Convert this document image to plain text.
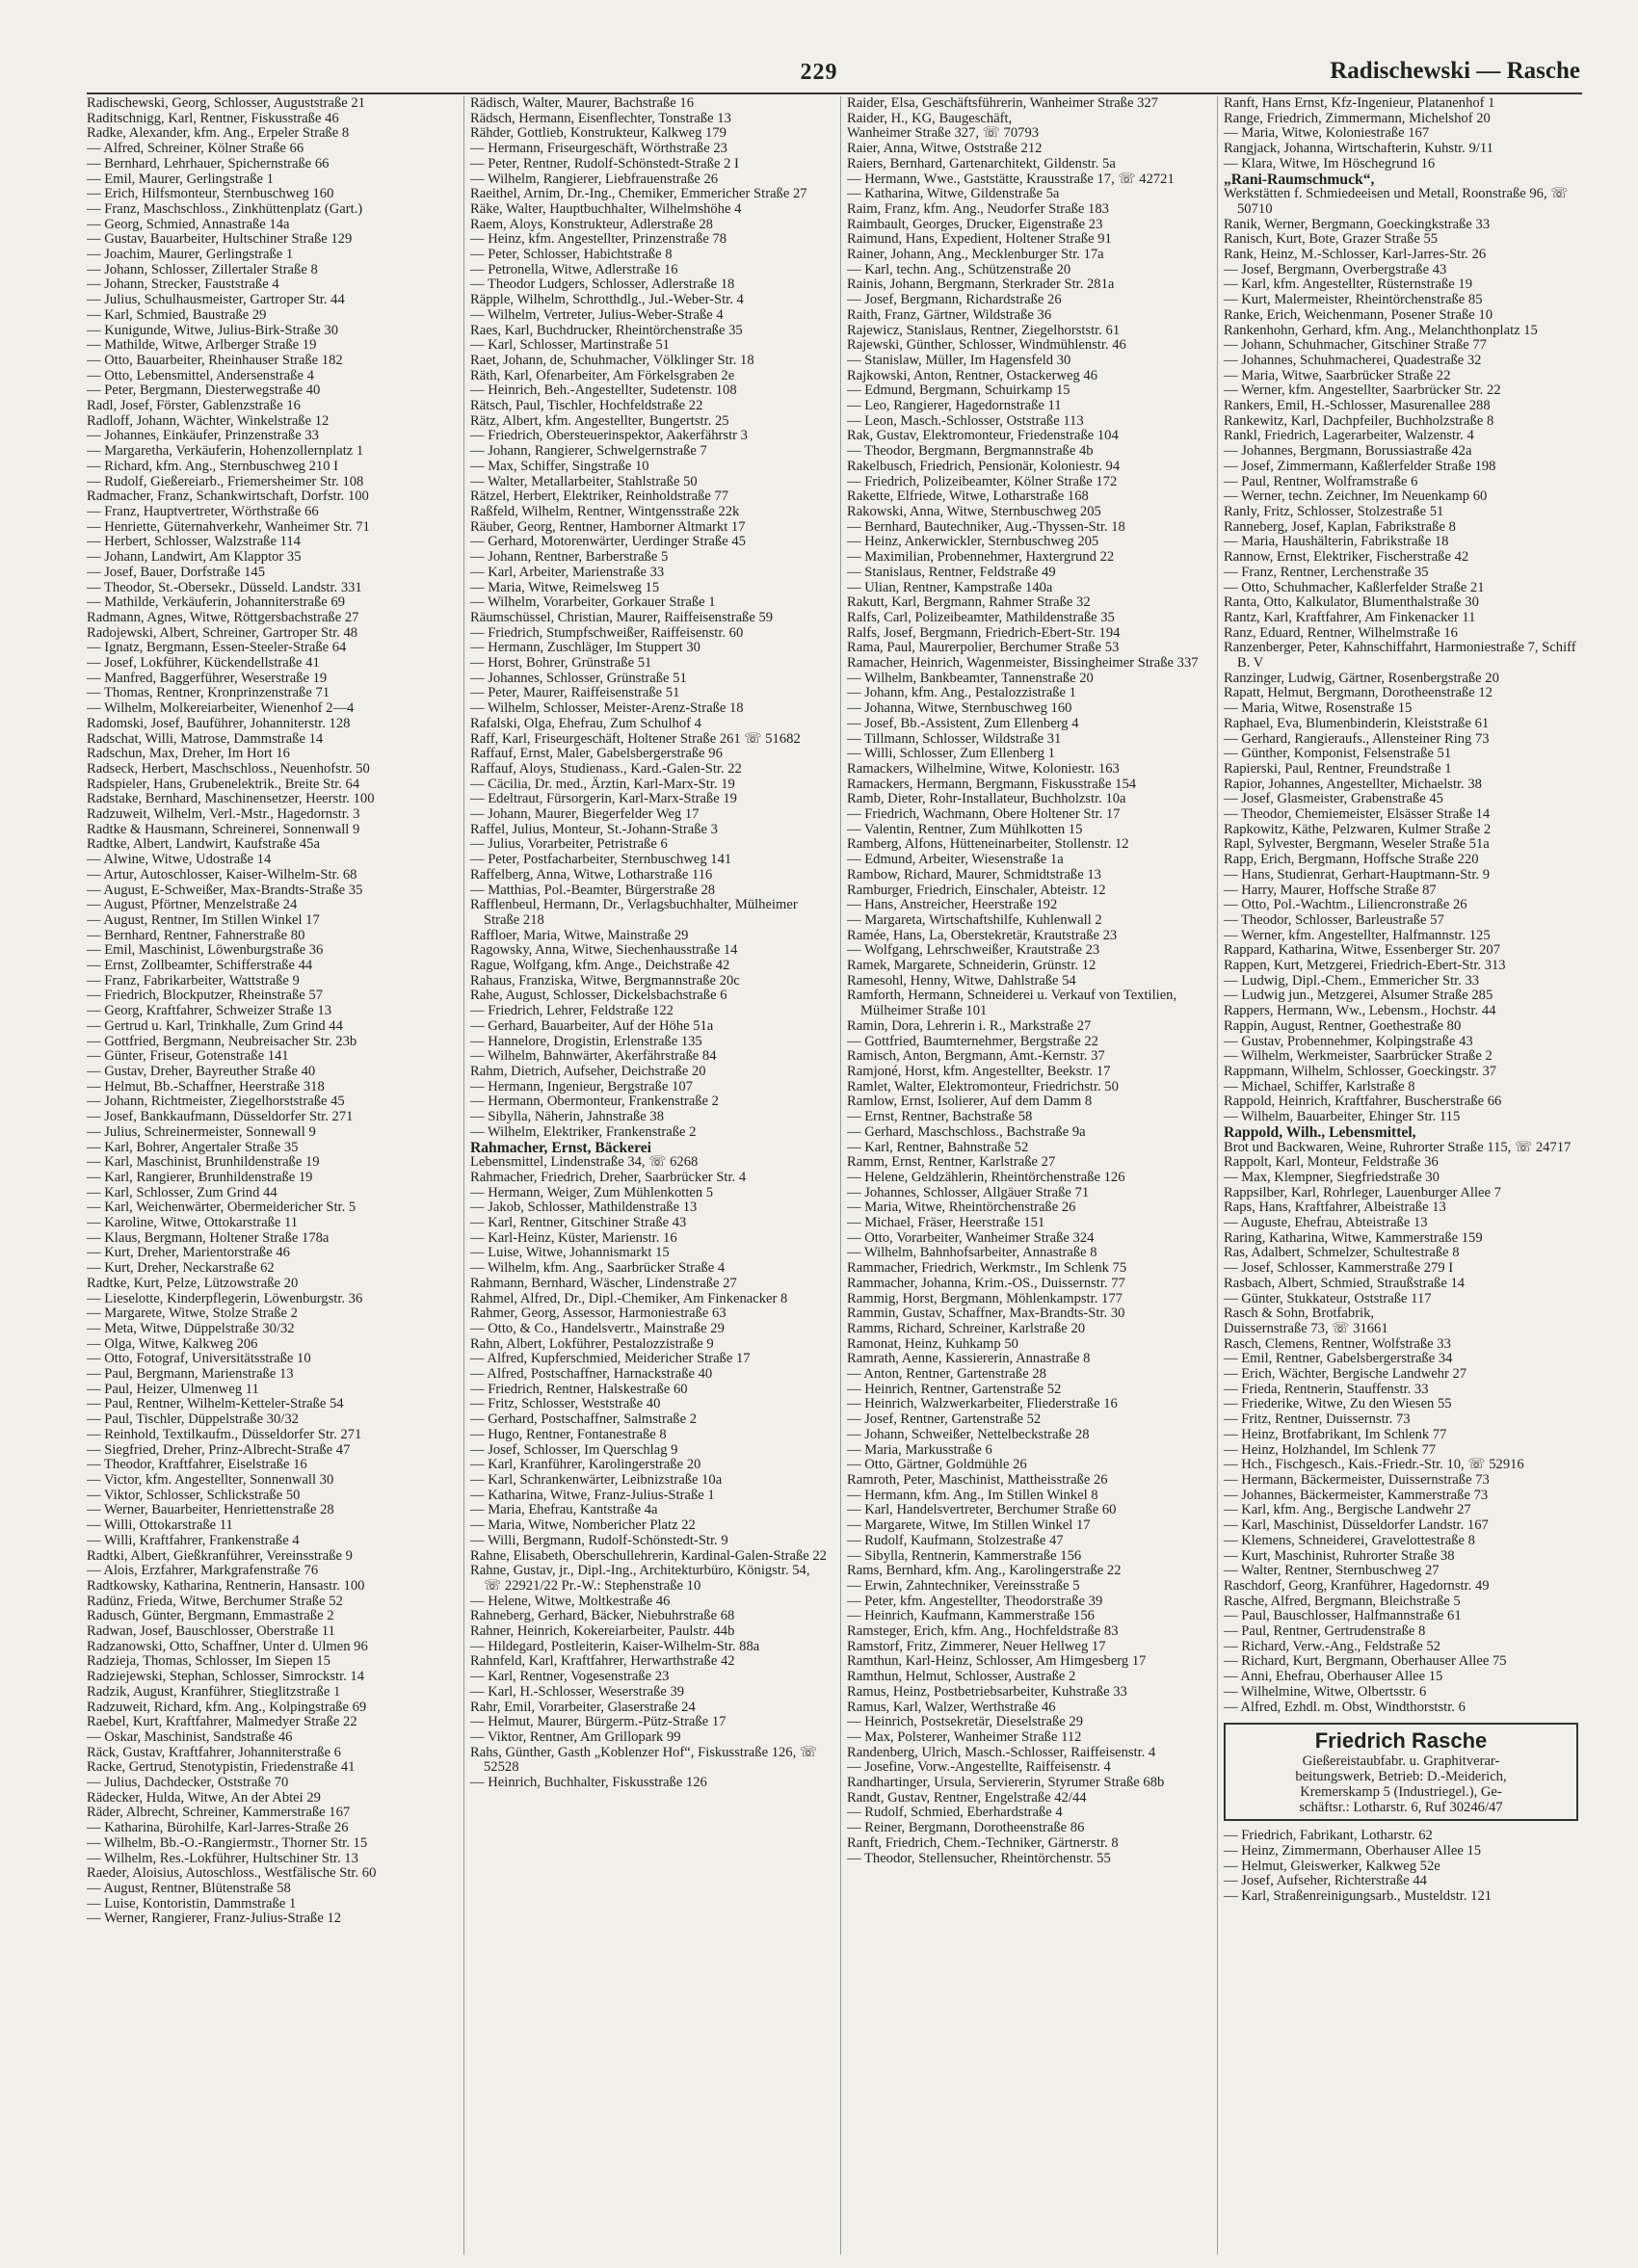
229	Radischewski — Rasche
Radischewski, Georg, Schlosser, Auguststraße 21
Raditschnigg, Karl, Rentner, Fiskusstraße 46
Radke, Alexander, kfm. Ang., Erpeler Straße 8
— Alfred, Schreiner, Kölner Straße 66
— Bernhard, Lehrhauer, Spichernstraße 66
— Emil, Maurer, Gerlingstraße 1
— Erich, Hilfsmonteur, Sternbuschweg 160
— Franz, Maschschloss., Zinkhüttenplatz (Gart.)
— Georg, Schmied, Annastraße 14a
— Gustav, Bauarbeiter, Hultschiner Straße 129
— Joachim, Maurer, Gerlingstraße 1
— Johann, Schlosser, Zillertaler Straße 8
— Johann, Strecker, Fauststraße 4
— Julius, Schulhausmeister, Gartroper Str. 44
— Karl, Schmied, Baustraße 29
— Kunigunde, Witwe, Julius-Birk-Straße 30
— Mathilde, Witwe, Arlberger Straße 19
— Otto, Bauarbeiter, Rheinhauser Straße 182
— Otto, Lebensmittel, Andersenstraße 4
— Peter, Bergmann, Diesterwegstraße 40
Radl, Josef, Förster, Gablenzstraße 16
Radloff, Johann, Wächter, Winkelstraße 12
— Johannes, Einkäufer, Prinzenstraße 33
— Margaretha, Verkäuferin, Hohenzollernplatz 1
— Richard, kfm. Ang., Sternbuschweg 210 I
— Rudolf, Gießereiarb., Friemersheimer Str. 108
Radmacher, Franz, Schankwirtschaft, Dorfstr. 100
— Franz, Hauptvertreter, Wörthstraße 66
— Henriette, Güternahverkehr, Wanheimer Str. 71
— Herbert, Schlosser, Walzstraße 114
— Johann, Landwirt, Am Klapptor 35
— Josef, Bauer, Dorfstraße 145
— Theodor, St.-Obersekr., Düsseld. Landstr. 331
— Mathilde, Verkäuferin, Johanniterstraße 69
Radmann, Agnes, Witwe, Röttgersbachstraße 27
Radojewski, Albert, Schreiner, Gartroper Str. 48
— Ignatz, Bergmann, Essen-Steeler-Straße 64
— Josef, Lokführer, Kückendellstraße 41
— Manfred, Baggerführer, Weserstraße 19
— Thomas, Rentner, Kronprinzenstraße 71
— Wilhelm, Molkereiarbeiter, Wienenhof 2—4
Radomski, Josef, Bauführer, Johanniterstr. 128
Radschat, Willi, Matrose, Dammstraße 14
Radschun, Max, Dreher, Im Hort 16
Radseck, Herbert, Maschschloss., Neuenhofstr. 50
Radspieler, Hans, Grubenelektrik., Breite Str. 64
Radstake, Bernhard, Maschinensetzer, Heerstr. 100
Radzuweit, Wilhelm, Verl.-Mstr., Hagedornstr. 3
Radtke & Hausmann, Schreinerei, Sonnenwall 9
Radtke, Albert, Landwirt, Kaufstraße 45a
— Alwine, Witwe, Udostraße 14
— Artur, Autoschlosser, Kaiser-Wilhelm-Str. 68
— August, E-Schweißer, Max-Brandts-Straße 35
— August, Pförtner, Menzelstraße 24
— August, Rentner, Im Stillen Winkel 17
— Bernhard, Rentner, Fahnerstraße 80
— Emil, Maschinist, Löwenburgstraße 36
— Ernst, Zollbeamter, Schifferstraße 44
— Franz, Fabrikarbeiter, Wattstraße 9
— Friedrich, Blockputzer, Rheinstraße 57
— Georg, Kraftfahrer, Schweizer Straße 13
— Gertrud u. Karl, Trinkhalle, Zum Grind 44
— Gottfried, Bergmann, Neubreisacher Str. 23b
— Günter, Friseur, Gotenstraße 141
— Gustav, Dreher, Bayreuther Straße 40
— Helmut, Bb.-Schaffner, Heerstraße 318
— Johann, Richtmeister, Ziegelhorststraße 45
— Josef, Bankkaufmann, Düsseldorfer Str. 271
— Julius, Schreinermeister, Sonnewall 9
— Karl, Bohrer, Angertaler Straße 35
— Karl, Maschinist, Brunhildenstraße 19
— Karl, Rangierer, Brunhildenstraße 19
— Karl, Schlosser, Zum Grind 44
— Karl, Weichenwärter, Obermeidericher Str. 5
— Karoline, Witwe, Ottokarstraße 11
— Klaus, Bergmann, Holtener Straße 178a
— Kurt, Dreher, Marientorstraße 46
— Kurt, Dreher, Neckarstraße 62
Radtke, Kurt, Pelze, Lützowstraße 20
— Lieselotte, Kinderpflegerin, Löwenburgstr. 36
— Margarete, Witwe, Stolze Straße 2
— Meta, Witwe, Düppelstraße 30/32
— Olga, Witwe, Kalkweg 206
— Otto, Fotograf, Universitätsstraße 10
— Paul, Bergmann, Marienstraße 13
— Paul, Heizer, Ulmenweg 11
— Paul, Rentner, Wilhelm-Ketteler-Straße 54
— Paul, Tischler, Düppelstraße 30/32
— Reinhold, Textilkaufm., Düsseldorfer Str. 271
— Siegfried, Dreher, Prinz-Albrecht-Straße 47
— Theodor, Kraftfahrer, Eiselstraße 16
— Victor, kfm. Angestellter, Sonnenwall 30
— Viktor, Schlosser, Schlickstraße 50
— Werner, Bauarbeiter, Henriettenstraße 28
— Willi, Ottokarstraße 11
— Willi, Kraftfahrer, Frankenstraße 4
Radtki, Albert, Gießkranführer, Vereinsstraße 9
— Alois, Erzfahrer, Markgrafenstraße 76
Radtkowsky, Katharina, Rentnerin, Hansastr. 100
Radünz, Frieda, Witwe, Berchumer Straße 52
Radusch, Günter, Bergmann, Emmastraße 2
Radwan, Josef, Bauschlosser, Oberstraße 11
Radzanowski, Otto, Schaffner, Unter d. Ulmen 96
Radzieja, Thomas, Schlosser, Im Siepen 15
Radziejewski, Stephan, Schlosser, Simrockstr. 14
Radzik, August, Kranführer, Stieglitzstraße 1
Radzuweit, Richard, kfm. Ang., Kolpingstraße 69
Raebel, Kurt, Kraftfahrer, Malmedyer Straße 22
— Oskar, Maschinist, Sandstraße 46
Räck, Gustav, Kraftfahrer, Johanniterstraße 6
Racke, Gertrud, Stenotypistin, Friedenstraße 41
— Julius, Dachdecker, Oststraße 70
Rädecker, Hulda, Witwe, An der Abtei 29
Räder, Albrecht, Schreiner, Kammerstraße 167
— Katharina, Bürohilfe, Karl-Jarres-Straße 26
— Wilhelm, Bb.-O.-Rangiermstr., Thorner Str. 15
— Wilhelm, Res.-Lokführer, Hultschiner Str. 13
Raeder, Aloisius, Autoschloss., Westfälische Str. 60
— August, Rentner, Blütenstraße 58
— Luise, Kontoristin, Dammstraße 1
— Werner, Rangierer, Franz-Julius-Straße 12
Rädisch, Walter, Maurer, Bachstraße 16
Rädsch, Hermann, Eisenflechter, Tonstraße 13
Rähder, Gottlieb, Konstrukteur, Kalkweg 179
— Hermann, Friseurgeschäft, Wörthstraße 23
— Peter, Rentner, Rudolf-Schönstedt-Straße 2 I
— Wilhelm, Rangierer, Liebfrauenstraße 26
Raeithel, Arnim, Dr.-Ing., Chemiker, Emmericher Straße 27
Räke, Walter, Hauptbuchhalter, Wilhelmshöhe 4
Raem, Aloys, Konstrukteur, Adlerstraße 28
— Heinz, kfm. Angestellter, Prinzenstraße 78
— Peter, Schlosser, Habichtstraße 8
— Petronella, Witwe, Adlerstraße 16
— Theodor Ludgers, Schlosser, Adlerstraße 18
Räpple, Wilhelm, Schrotthdlg., Jul.-Weber-Str. 4
— Wilhelm, Vertreter, Julius-Weber-Straße 4
Raes, Karl, Buchdrucker, Rheintörchenstraße 35
— Karl, Schlosser, Martinstraße 51
Raet, Johann, de, Schuhmacher, Völklinger Str. 18
Räth, Karl, Ofenarbeiter, Am Förkelsgraben 2e
— Heinrich, Beh.-Angestellter, Sudetenstr. 108
Rätsch, Paul, Tischler, Hochfeldstraße 22
Rätz, Albert, kfm. Angestellter, Bungertstr. 25
— Friedrich, Obersteuerinspektor, Aakerfährstr 3
— Johann, Rangierer, Schwelgernstraße 7
— Max, Schiffer, Singstraße 10
— Walter, Metallarbeiter, Stahlstraße 50
Rätzel, Herbert, Elektriker, Reinholdstraße 77
Raßfeld, Wilhelm, Rentner, Wintgensstraße 22k
Räuber, Georg, Rentner, Hamborner Altmarkt 17
— Gerhard, Motorenwärter, Uerdinger Straße 45
— Johann, Rentner, Barberstraße 5
— Karl, Arbeiter, Marienstraße 33
— Maria, Witwe, Reimelsweg 15
— Wilhelm, Vorarbeiter, Gorkauer Straße 1
Räumschüssel, Christian, Maurer, Raiffeisenstraße 59
— Friedrich, Stumpfschweißer, Raiffeisenstr. 60
— Hermann, Zuschläger, Im Stuppert 30
— Horst, Bohrer, Grünstraße 51
— Johannes, Schlosser, Grünstraße 51
— Peter, Maurer, Raiffeisenstraße 51
— Wilhelm, Schlosser, Meister-Arenz-Straße 18
Rafalski, Olga, Ehefrau, Zum Schulhof 4
Raff, Karl, Friseurgeschäft, Holtener Straße 261 ☏ 51682
Raffauf, Ernst, Maler, Gabelsbergerstraße 96
Raffauf, Aloys, Studienass., Kard.-Galen-Str. 22
— Cäcilia, Dr. med., Ärztin, Karl-Marx-Str. 19
— Edeltraut, Fürsorgerin, Karl-Marx-Straße 19
— Johann, Maurer, Biegerfelder Weg 17
Raffel, Julius, Monteur, St.-Johann-Straße 3
— Julius, Vorarbeiter, Petristraße 6
— Peter, Postfacharbeiter, Sternbuschweg 141
Raffelberg, Anna, Witwe, Lotharstraße 116
— Matthias, Pol.-Beamter, Bürgerstraße 28
Rafflenbeul, Hermann, Dr., Verlagsbuchhalter, Mülheimer Straße 218
Raffloer, Maria, Witwe, Mainstraße 29
Ragowsky, Anna, Witwe, Siechenhausstraße 14
Rague, Wolfgang, kfm. Ange., Deichstraße 42
Rahaus, Franziska, Witwe, Bergmannstraße 20c
Rahe, August, Schlosser, Dickelsbachstraße 6
— Friedrich, Lehrer, Feldstraße 122
— Gerhard, Bauarbeiter, Auf der Höhe 51a
— Hannelore, Drogistin, Erlenstraße 135
— Wilhelm, Bahnwärter, Akerfährstraße 84
Rahm, Dietrich, Aufseher, Deichstraße 20
— Hermann, Ingenieur, Bergstraße 107
— Hermann, Obermonteur, Frankenstraße 2
— Sibylla, Näherin, Jahnstraße 38
— Wilhelm, Elektriker, Frankenstraße 2
Rahmacher, Ernst, Bäckerei
Lebensmittel, Lindenstraße 34, ☏ 6268
Rahmacher, Friedrich, Dreher, Saarbrücker Str. 4
— Hermann, Weiger, Zum Mühlenkotten 5
— Jakob, Schlosser, Mathildenstraße 13
— Karl, Rentner, Gitschiner Straße 43
— Karl-Heinz, Küster, Marienstr. 16
— Luise, Witwe, Johannismarkt 15
— Wilhelm, kfm. Ang., Saarbrücker Straße 4
Rahmann, Bernhard, Wäscher, Lindenstraße 27
Rahmel, Alfred, Dr., Dipl.-Chemiker, Am Finkenacker 8
Rahmer, Georg, Assessor, Harmoniestraße 63
— Otto, & Co., Handelsvertr., Mainstraße 29
Rahn, Albert, Lokführer, Pestalozzistraße 9
— Alfred, Kupferschmied, Meidericher Straße 17
— Alfred, Postschaffner, Harnackstraße 40
— Friedrich, Rentner, Halskestraße 60
— Fritz, Schlosser, Weststraße 40
— Gerhard, Postschaffner, Salmstraße 2
— Hugo, Rentner, Fontanestraße 8
— Josef, Schlosser, Im Querschlag 9
— Karl, Kranführer, Karolingerstraße 20
— Karl, Schrankenwärter, Leibnizstraße 10a
— Katharina, Witwe, Franz-Julius-Straße 1
— Maria, Ehefrau, Kantstraße 4a
— Maria, Witwe, Nombericher Platz 22
— Willi, Bergmann, Rudolf-Schönstedt-Str. 9
Rahne, Elisabeth, Oberschullehrerin, Kardinal-Galen-Straße 22
Rahne, Gustav, jr., Dipl.-Ing., Architekturbüro, Königstr. 54, ☏ 22921/22 Pr.-W.: Stephenstraße 10
— Helene, Witwe, Moltkestraße 46
Rahneberg, Gerhard, Bäcker, Niebuhrstraße 68
Rahner, Heinrich, Kokereiarbeiter, Paulstr. 44b
— Hildegard, Postleiterin, Kaiser-Wilhelm-Str. 88a
Rahnfeld, Karl, Kraftfahrer, Herwarthstraße 42
— Karl, Rentner, Vogesenstraße 23
— Karl, H.-Schlosser, Weserstraße 39
Rahr, Emil, Vorarbeiter, Glaserstraße 24
— Helmut, Maurer, Bürgerm.-Pütz-Straße 17
— Viktor, Rentner, Am Grillopark 99
Rahs, Günther, Gasth „Koblenzer Hof“, Fiskusstraße 126, ☏ 52528
— Heinrich, Buchhalter, Fiskusstraße 126
Raider, Elsa, Geschäftsführerin, Wanheimer Straße 327
Raider, H., KG, Baugeschäft,
Wanheimer Straße 327, ☏ 70793
Raier, Anna, Witwe, Oststraße 212
Raiers, Bernhard, Gartenarchitekt, Gildenstr. 5a
— Hermann, Wwe., Gaststätte, Krausstraße 17, ☏ 42721
— Katharina, Witwe, Gildenstraße 5a
Raim, Franz, kfm. Ang., Neudorfer Straße 183
Raimbault, Georges, Drucker, Eigenstraße 23
Raimund, Hans, Expedient, Holtener Straße 91
Rainer, Johann, Ang., Mecklenburger Str. 17a
— Karl, techn. Ang., Schützenstraße 20
Rainis, Johann, Bergmann, Sterkrader Str. 281a
— Josef, Bergmann, Richardstraße 26
Raith, Franz, Gärtner, Wildstraße 36
Rajewicz, Stanislaus, Rentner, Ziegelhorststr. 61
Rajewski, Günther, Schlosser, Windmühlenstr. 46
— Stanislaw, Müller, Im Hagensfeld 30
Rajkowski, Anton, Rentner, Ostackerweg 46
— Edmund, Bergmann, Schuirkamp 15
— Leo, Rangierer, Hagedornstraße 11
— Leon, Masch.-Schlosser, Oststraße 113
Rak, Gustav, Elektromonteur, Friedenstraße 104
— Theodor, Bergmann, Bergmannstraße 4b
Rakelbusch, Friedrich, Pensionär, Koloniestr. 94
— Friedrich, Polizeibeamter, Kölner Straße 172
Rakette, Elfriede, Witwe, Lotharstraße 168
Rakowski, Anna, Witwe, Sternbuschweg 205
— Bernhard, Bautechniker, Aug.-Thyssen-Str. 18
— Heinz, Ankerwickler, Sternbuschweg 205
— Maximilian, Probennehmer, Haxtergrund 22
— Stanislaus, Rentner, Feldstraße 49
— Ulian, Rentner, Kampstraße 140a
Rakutt, Karl, Bergmann, Rahmer Straße 32
Ralfs, Carl, Polizeibeamter, Mathildenstraße 35
Ralfs, Josef, Bergmann, Friedrich-Ebert-Str. 194
Rama, Paul, Maurerpolier, Berchumer Straße 53
Ramacher, Heinrich, Wagenmeister, Bissingheimer Straße 337
— Wilhelm, Bankbeamter, Tannenstraße 20
— Johann, kfm. Ang., Pestalozzistraße 1
— Johanna, Witwe, Sternbuschweg 160
— Josef, Bb.-Assistent, Zum Ellenberg 4
— Tillmann, Schlosser, Wildstraße 31
— Willi, Schlosser, Zum Ellenberg 1
Ramackers, Wilhelmine, Witwe, Koloniestr. 163
Ramackers, Hermann, Bergmann, Fiskusstraße 154
Ramb, Dieter, Rohr-Installateur, Buchholzstr. 10a
— Friedrich, Wachmann, Obere Holtener Str. 17
— Valentin, Rentner, Zum Mühlkotten 15
Ramberg, Alfons, Hütteneinarbeiter, Stollenstr. 12
— Edmund, Arbeiter, Wiesenstraße 1a
Rambow, Richard, Maurer, Schmidtstraße 13
Ramburger, Friedrich, Einschaler, Abteistr. 12
— Hans, Anstreicher, Heerstraße 192
— Margareta, Wirtschaftshilfe, Kuhlenwall 2
Ramée, Hans, La, Oberstekretär, Krautstraße 23
— Wolfgang, Lehrschweißer, Krautstraße 23
Ramek, Margarete, Schneiderin, Grünstr. 12
Ramesohl, Henny, Witwe, Dahlstraße 54
Ramforth, Hermann, Schneiderei u. Verkauf von Textilien, Mülheimer Straße 101
Ramin, Dora, Lehrerin i. R., Markstraße 27
— Gottfried, Baumternehmer, Bergstraße 22
Ramisch, Anton, Bergmann, Amt.-Kernstr. 37
Ramjoné, Horst, kfm. Angestellter, Beekstr. 17
Ramlet, Walter, Elektromonteur, Friedrichstr. 50
Ramlow, Ernst, Isolierer, Auf dem Damm 8
— Ernst, Rentner, Bachstraße 58
— Gerhard, Maschschloss., Bachstraße 9a
— Karl, Rentner, Bahnstraße 52
Ramm, Ernst, Rentner, Karlstraße 27
— Helene, Geldzählerin, Rheintörchenstraße 126
— Johannes, Schlosser, Allgäuer Straße 71
— Maria, Witwe, Rheintörchenstraße 26
— Michael, Fräser, Heerstraße 151
— Otto, Vorarbeiter, Wanheimer Straße 324
— Wilhelm, Bahnhofsarbeiter, Annastraße 8
Rammacher, Friedrich, Werkmstr., Im Schlenk 75
Rammacher, Johanna, Krim.-OS., Duissernstr. 77
Rammig, Horst, Bergmann, Möhlenkampstr. 177
Rammin, Gustav, Schaffner, Max-Brandts-Str. 30
Ramms, Richard, Schreiner, Karlstraße 20
Ramonat, Heinz, Kuhkamp 50
Ramrath, Aenne, Kassiererin, Annastraße 8
— Anton, Rentner, Gartenstraße 28
— Heinrich, Rentner, Gartenstraße 52
— Heinrich, Walzwerkarbeiter, Fliederstraße 16
— Josef, Rentner, Gartenstraße 52
— Johann, Schweißer, Nettelbeckstraße 28
— Maria, Markusstraße 6
— Otto, Gärtner, Goldmühle 26
Ramroth, Peter, Maschinist, Mattheisstraße 26
— Hermann, kfm. Ang., Im Stillen Winkel 8
— Karl, Handelsvertreter, Berchumer Straße 60
— Margarete, Witwe, Im Stillen Winkel 17
— Rudolf, Kaufmann, Stolzestraße 47
— Sibylla, Rentnerin, Kammerstraße 156
Rams, Bernhard, kfm. Ang., Karolingerstraße 22
— Erwin, Zahntechniker, Vereinsstraße 5
— Peter, kfm. Angestellter, Theodorstraße 39
— Heinrich, Kaufmann, Kammerstraße 156
Ramsteger, Erich, kfm. Ang., Hochfeldstraße 83
Ramstorf, Fritz, Zimmerer, Neuer Hellweg 17
Ramthun, Karl-Heinz, Schlosser, Am Himgesberg 17
Ramthun, Helmut, Schlosser, Austraße 2
Ramus, Heinz, Postbetriebsarbeiter, Kuhstraße 33
Ramus, Karl, Walzer, Werthstraße 46
— Heinrich, Postsekretär, Dieselstraße 29
— Max, Polsterer, Wanheimer Straße 112
Randenberg, Ulrich, Masch.-Schlosser, Raiffeisenstr. 4
— Josefine, Vorw.-Angestellte, Raiffeisenstr. 4
Randhartinger, Ursula, Serviererin, Styrumer Straße 68b
Randt, Gustav, Rentner, Engelstraße 42/44
— Rudolf, Schmied, Eberhardstraße 4
— Reiner, Bergmann, Dorotheenstraße 86
Ranft, Friedrich, Chem.-Techniker, Gärtnerstr. 8
— Theodor, Stellensucher, Rheintörchenstr. 55
Ranft, Hans Ernst, Kfz-Ingenieur, Platanenhof 1
Range, Friedrich, Zimmermann, Michelshof 20
— Maria, Witwe, Koloniestraße 167
Rangjack, Johanna, Wirtschafterin, Kuhstr. 9/11
— Klara, Witwe, Im Höschegrund 16
„Rani-Raumschmuck“,
Werkstätten f. Schmiedeeisen und Metall, Roonstraße 96, ☏ 50710
Ranik, Werner, Bergmann, Goeckingkstraße 33
Ranisch, Kurt, Bote, Grazer Straße 55
Rank, Heinz, M.-Schlosser, Karl-Jarres-Str. 26
— Josef, Bergmann, Overbergstraße 43
— Karl, kfm. Angestellter, Rüsternstraße 19
— Kurt, Malermeister, Rheintörchenstraße 85
Ranke, Erich, Weichenmann, Posener Straße 10
Rankenhohn, Gerhard, kfm. Ang., Melanchthonplatz 15
— Johann, Schuhmacher, Gitschiner Straße 77
— Johannes, Schuhmacherei, Quadestraße 32
— Maria, Witwe, Saarbrücker Straße 22
— Werner, kfm. Angestellter, Saarbrücker Str. 22
Rankers, Emil, H.-Schlosser, Masurenallee 288
Rankewitz, Karl, Dachpfeiler, Buchholzstraße 8
Rankl, Friedrich, Lagerarbeiter, Walzenstr. 4
— Johannes, Bergmann, Borussiastraße 42a
— Josef, Zimmermann, Kaßlerfelder Straße 198
— Paul, Rentner, Wolframstraße 6
— Werner, techn. Zeichner, Im Neuenkamp 60
Ranly, Fritz, Schlosser, Stolzestraße 51
Ranneberg, Josef, Kaplan, Fabrikstraße 8
— Maria, Haushälterin, Fabrikstraße 18
Rannow, Ernst, Elektriker, Fischerstraße 42
— Franz, Rentner, Lerchenstraße 35
— Otto, Schuhmacher, Kaßlerfelder Straße 21
Ranta, Otto, Kalkulator, Blumenthalstraße 30
Rantz, Karl, Kraftfahrer, Am Finkenacker 11
Ranz, Eduard, Rentner, Wilhelmstraße 16
Ranzenberger, Peter, Kahnschiffahrt, Harmoniestraße 7, Schiff B. V
Ranzinger, Ludwig, Gärtner, Rosenbergstraße 20
Rapatt, Helmut, Bergmann, Dorotheenstraße 12
— Maria, Witwe, Rosenstraße 15
Raphael, Eva, Blumenbinderin, Kleiststraße 61
— Gerhard, Rangieraufs., Allensteiner Ring 73
— Günther, Komponist, Felsenstraße 51
Rapierski, Paul, Rentner, Freundstraße 1
Rapior, Johannes, Angestellter, Michaelstr. 38
— Josef, Glasmeister, Grabenstraße 45
— Theodor, Chemiemeister, Elsässer Straße 14
Rapkowitz, Käthe, Pelzwaren, Kulmer Straße 2
Rapl, Sylvester, Bergmann, Weseler Straße 51a
Rapp, Erich, Bergmann, Hoffsche Straße 220
— Hans, Studienrat, Gerhart-Hauptmann-Str. 9
— Harry, Maurer, Hoffsche Straße 87
— Otto, Pol.-Wachtm., Liliencronstraße 26
— Theodor, Schlosser, Barleustraße 57
— Werner, kfm. Angestellter, Halfmannstr. 125
Rappard, Katharina, Witwe, Essenberger Str. 207
Rappen, Kurt, Metzgerei, Friedrich-Ebert-Str. 313
— Ludwig, Dipl.-Chem., Emmericher Str. 33
— Ludwig jun., Metzgerei, Alsumer Straße 285
Rappers, Hermann, Ww., Lebensm., Hochstr. 44
Rappin, August, Rentner, Goethestraße 80
— Gustav, Probennehmer, Kolpingstraße 43
— Wilhelm, Werkmeister, Saarbrücker Straße 2
Rappmann, Wilhelm, Schlosser, Goeckingstr. 37
— Michael, Schiffer, Karlstraße 8
Rappold, Heinrich, Kraftfahrer, Buscherstraße 66
— Wilhelm, Bauarbeiter, Ehinger Str. 115
Rappold, Wilh., Lebensmittel,
Brot und Backwaren, Weine, Ruhrorter Straße 115, ☏ 24717
Rappolt, Karl, Monteur, Feldstraße 36
— Max, Klempner, Siegfriedstraße 30
Rappsilber, Karl, Rohrleger, Lauenburger Allee 7
Raps, Hans, Kraftfahrer, Albeistraße 13
— Auguste, Ehefrau, Abteistraße 13
Raring, Katharina, Witwe, Kammerstraße 159
Ras, Adalbert, Schmelzer, Schultestraße 8
— Josef, Schlosser, Kammerstraße 279 I
Rasbach, Albert, Schmied, Straußstraße 14
— Günter, Stukkateur, Oststraße 117
Rasch & Sohn, Brotfabrik,
Duissernstraße 73, ☏ 31661
Rasch, Clemens, Rentner, Wolfstraße 33
— Emil, Rentner, Gabelsbergerstraße 34
— Erich, Wächter, Bergische Landwehr 27
— Frieda, Rentnerin, Stauffenstr. 33
— Friederike, Witwe, Zu den Wiesen 55
— Fritz, Rentner, Duissernstr. 73
— Heinz, Brotfabrikant, Im Schlenk 77
— Heinz, Holzhandel, Im Schlenk 77
— Hch., Fischgesch., Kais.-Friedr.-Str. 10, ☏ 52916
— Hermann, Bäckermeister, Duissernstraße 73
— Johannes, Bäckermeister, Kammerstraße 73
— Karl, kfm. Ang., Bergische Landwehr 27
— Karl, Maschinist, Düsseldorfer Landstr. 167
— Klemens, Schneiderei, Gravelottestraße 8
— Kurt, Maschinist, Ruhrorter Straße 38
— Walter, Rentner, Sternbuschweg 27
Raschdorf, Georg, Kranführer, Hagedornstr. 49
Rasche, Alfred, Bergmann, Bleichstraße 5
— Paul, Bauschlosser, Halfmannstraße 61
— Paul, Rentner, Gertrudenstraße 8
— Richard, Verw.-Ang., Feldstraße 52
— Richard, Kurt, Bergmann, Oberhauser Allee 75
— Anni, Ehefrau, Oberhauser Allee 15
— Wilhelmine, Witwe, Olbertsstr. 6
— Alfred, Ezhdl. m. Obst, Windthorststr. 6
Friedrich Rasche
Gießereistaubfabr. u. Graphitverar-
beitungswerk, Betrieb: D.-Meiderich,
Kremerskamp 5 (Industriegel.), Ge-
schäftsr.: Lotharstr. 6, Ruf 30246/47
— Friedrich, Fabrikant, Lotharstr. 62
— Heinz, Zimmermann, Oberhauser Allee 15
— Helmut, Gleiswerker, Kalkweg 52e
— Josef, Aufseher, Richterstraße 44
— Karl, Straßenreinigungsarb., Musteldstr. 121
